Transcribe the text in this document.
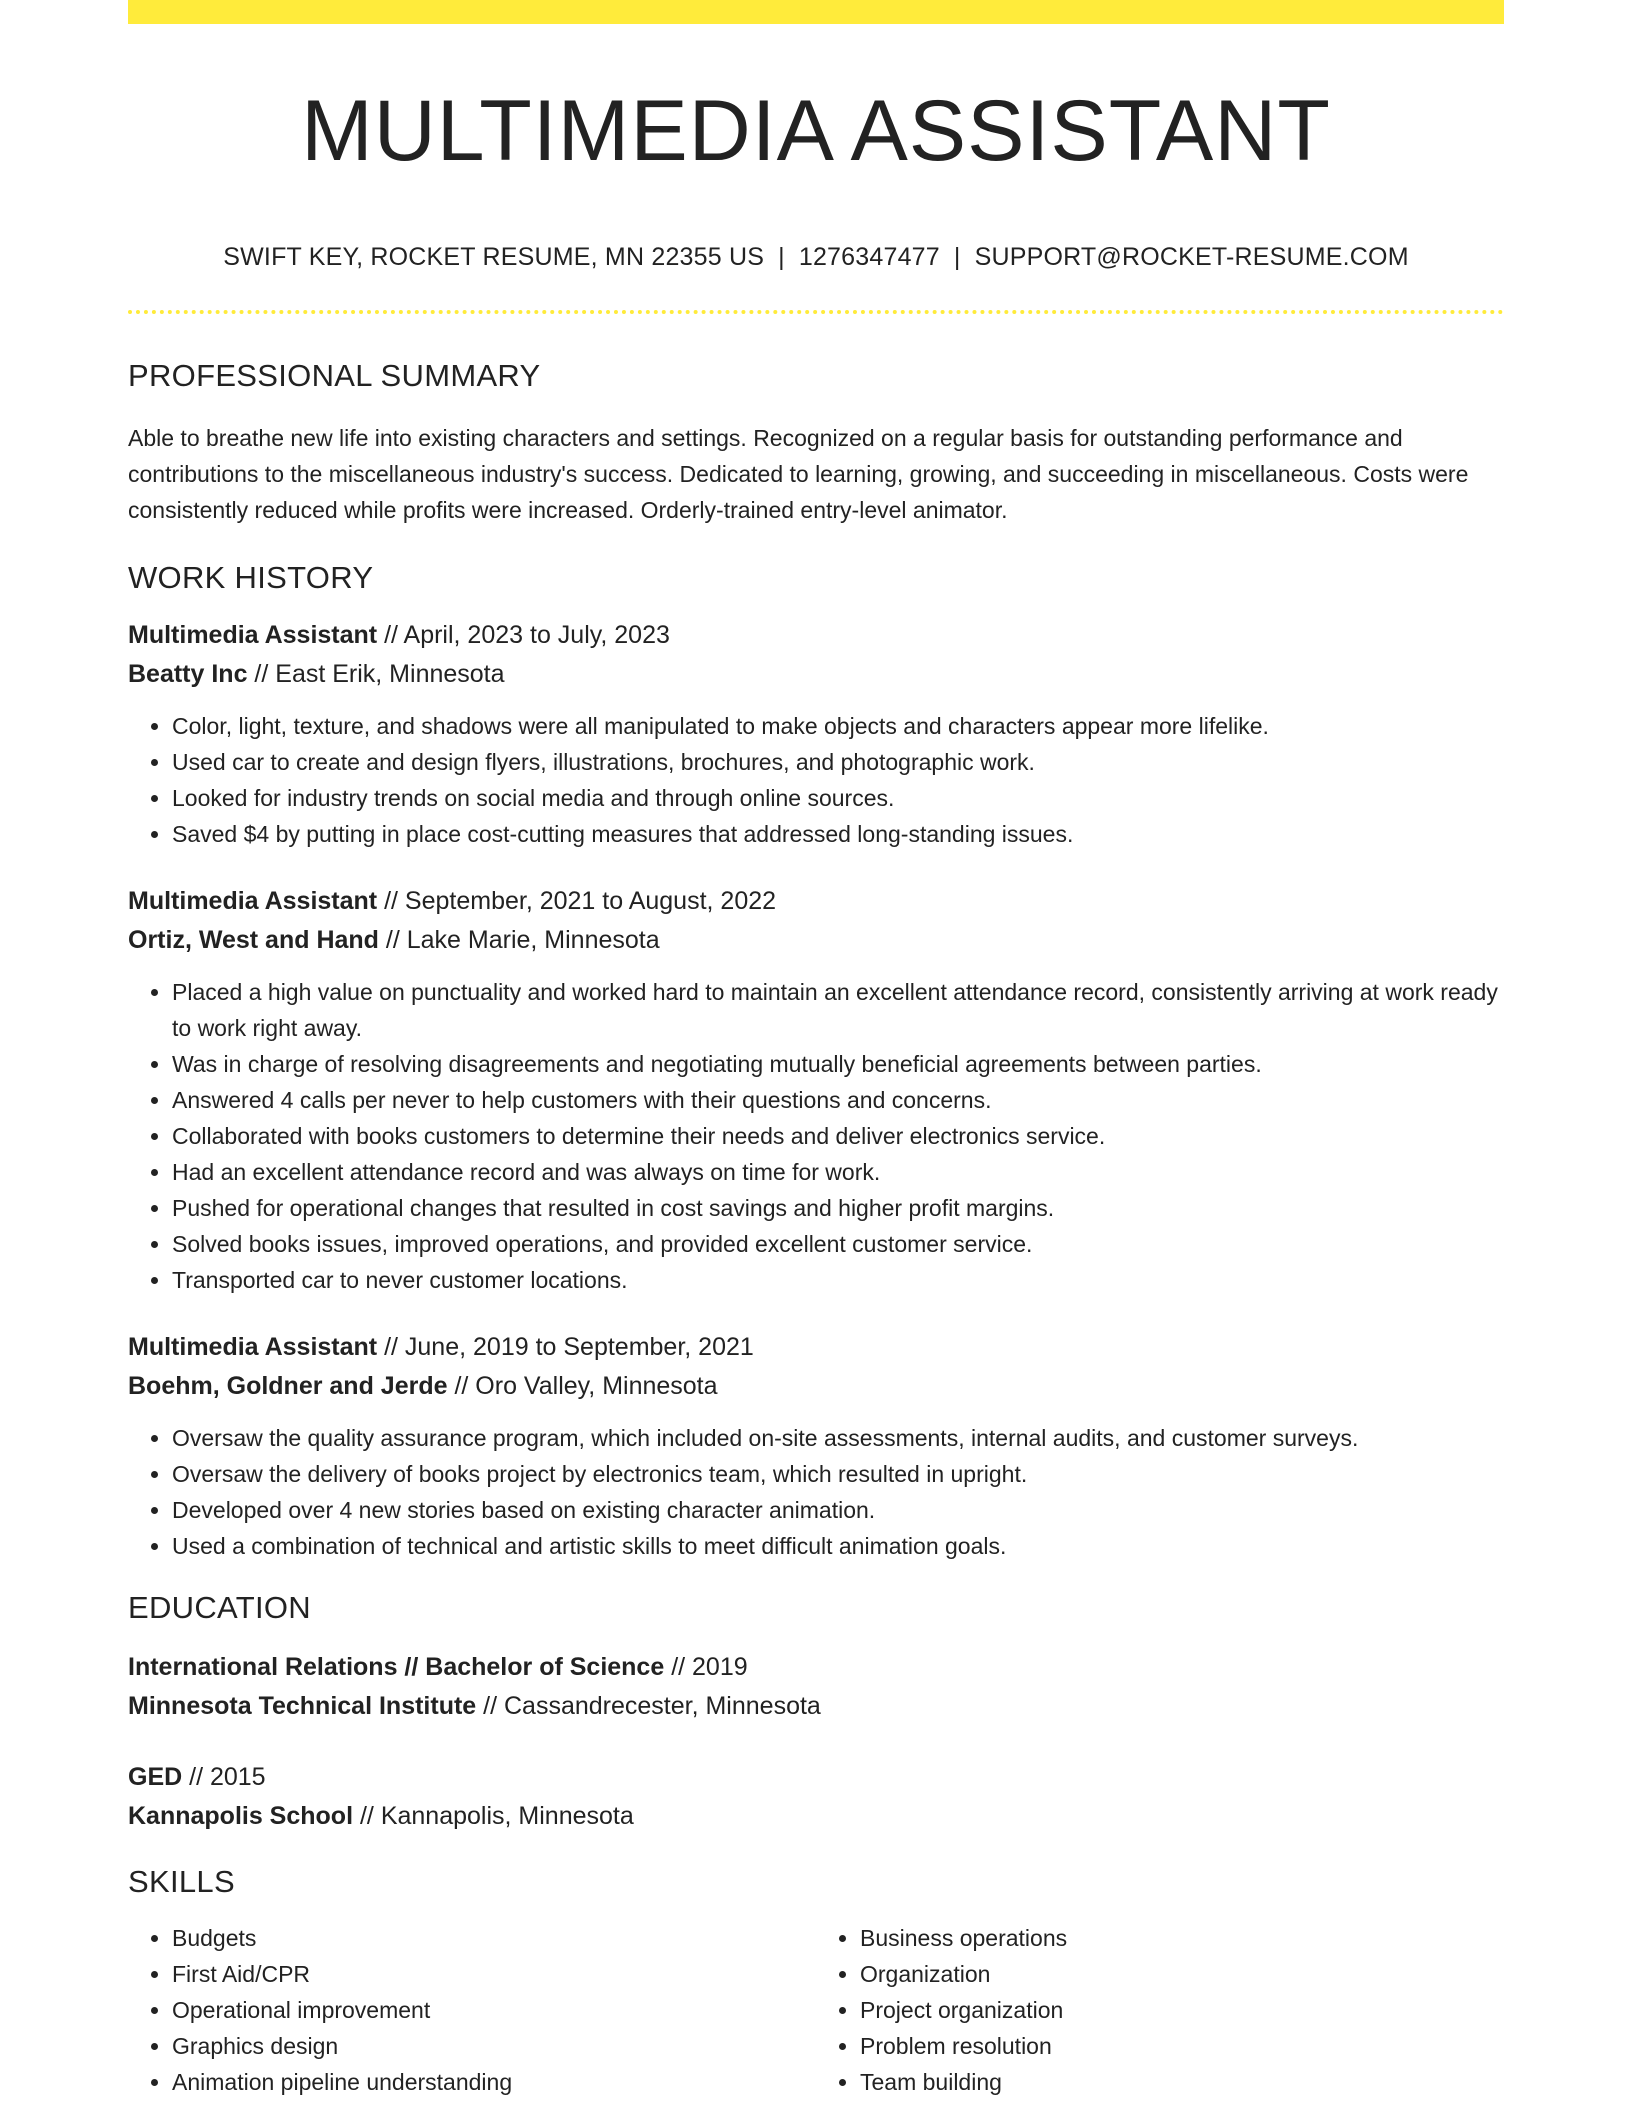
MULTIMEDIA ASSISTANT
SWIFT KEY, ROCKET RESUME, MN 22355 US | 1276347477 | SUPPORT@ROCKET-RESUME.COM
PROFESSIONAL SUMMARY

Able to breathe new life into existing characters and settings. Recognized on a regular basis for outstanding performance and contributions to the miscellaneous industry's success. Dedicated to learning, growing, and succeeding in miscellaneous. Costs were consistently reduced while profits were increased. Orderly-trained entry-level animator.

WORK HISTORY
Multimedia Assistant // April, 2023 to July, 2023
Beatty Inc // East Erik, Minnesota
• Color, light, texture, and shadows were all manipulated to make objects and characters appear more lifelike.
• Used car to create and design flyers, illustrations, brochures, and photographic work.
• Looked for industry trends on social media and through online sources.
• Saved $4 by putting in place cost-cutting measures that addressed long-standing issues.
Multimedia Assistant // September, 2021 to August, 2022
Ortiz, West and Hand // Lake Marie, Minnesota
• Placed a high value on punctuality and worked hard to maintain an excellent attendance record, consistently arriving at work ready to work right away.
• Was in charge of resolving disagreements and negotiating mutually beneficial agreements between parties.
• Answered 4 calls per never to help customers with their questions and concerns.
• Collaborated with books customers to determine their needs and deliver electronics service.
• Had an excellent attendance record and was always on time for work.
• Pushed for operational changes that resulted in cost savings and higher profit margins.
• Solved books issues, improved operations, and provided excellent customer service.
• Transported car to never customer locations.
Multimedia Assistant // June, 2019 to September, 2021
Boehm, Goldner and Jerde // Oro Valley, Minnesota
• Oversaw the quality assurance program, which included on-site assessments, internal audits, and customer surveys.
• Oversaw the delivery of books project by electronics team, which resulted in upright.
• Developed over 4 new stories based on existing character animation.
• Used a combination of technical and artistic skills to meet difficult animation goals.
EDUCATION
International Relations // Bachelor of Science // 2019
Minnesota Technical Institute // Cassandrecester, Minnesota
GED // 2015
Kannapolis School // Kannapolis, Minnesota
SKILLS
• Budgets
• First Aid/CPR
• Operational improvement
• Graphics design
• Animation pipeline understanding
• Business operations
• Organization
• Project organization
• Problem resolution
• Team building
